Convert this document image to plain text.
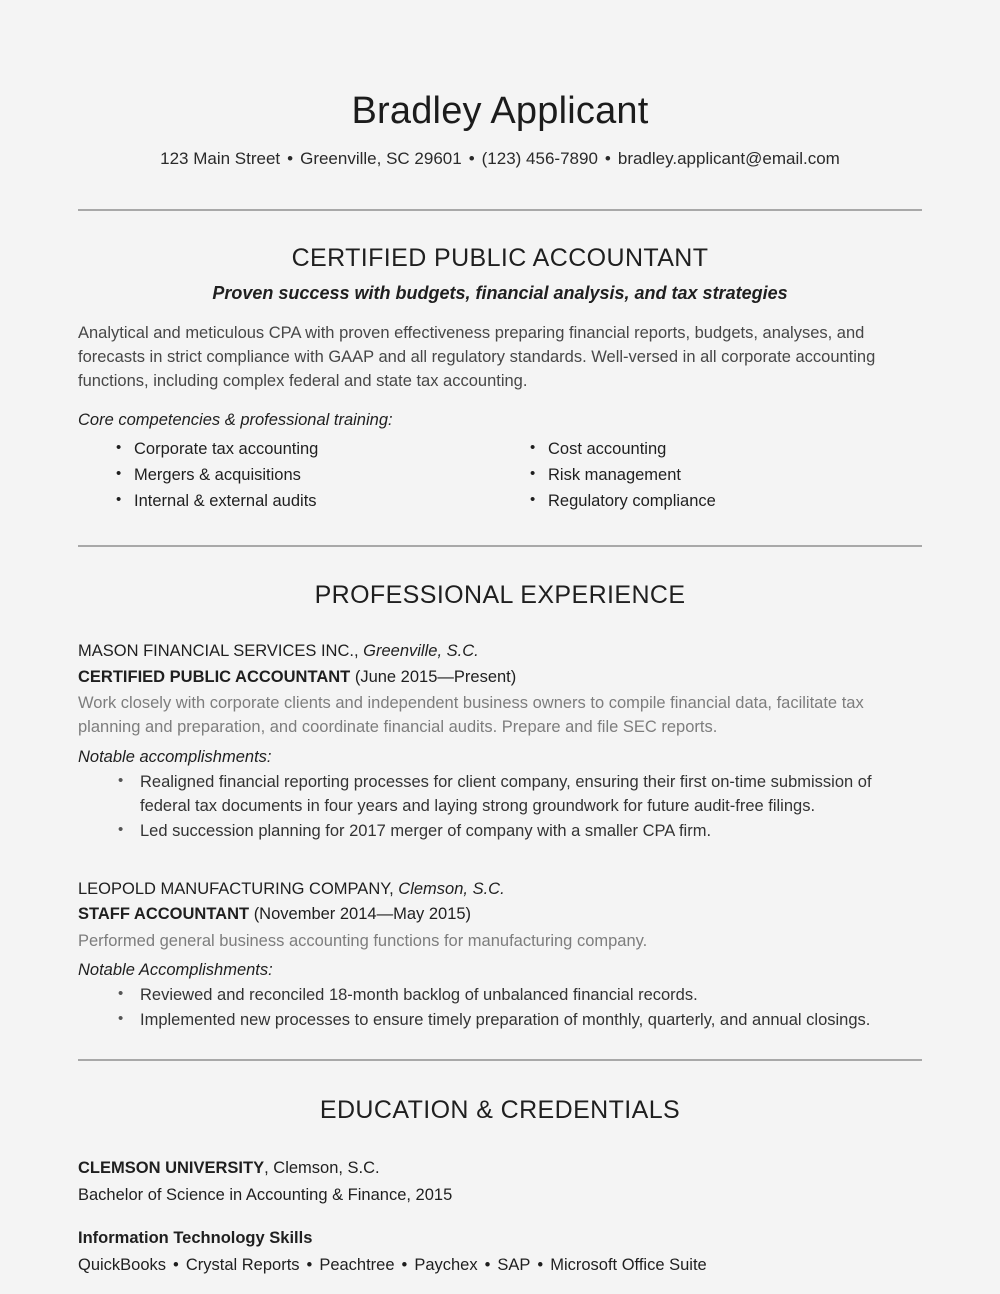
Bradley Applicant

123 Main Street • Greenville, SC 29601 • (123) 456-7890 • bradley.applicant@email.com

CERTIFIED PUBLIC ACCOUNTANT

Proven success with budgets, financial analysis, and tax strategies

Analytical and meticulous CPA with proven effectiveness preparing financial reports, budgets, analyses, and forecasts in strict compliance with GAAP and all regulatory standards. Well-versed in all corporate accounting functions, including complex federal and state tax accounting.

Core competencies & professional training:

• Corporate tax accounting
• Mergers & acquisitions
• Internal & external audits
• Cost accounting
• Risk management
• Regulatory compliance
PROFESSIONAL EXPERIENCE

MASON FINANCIAL SERVICES INC., Greenville, S.C.

CERTIFIED PUBLIC ACCOUNTANT (June 2015—Present)

Work closely with corporate clients and independent business owners to compile financial data, facilitate tax planning and preparation, and coordinate financial audits. Prepare and file SEC reports.

Notable accomplishments:

• Realigned financial reporting processes for client company, ensuring their first on-time submission of federal tax documents in four years and laying strong groundwork for future audit-free filings.
• Led succession planning for 2017 merger of company with a smaller CPA firm.

LEOPOLD MANUFACTURING COMPANY, Clemson, S.C.

STAFF ACCOUNTANT (November 2014—May 2015)

Performed general business accounting functions for manufacturing company.

Notable Accomplishments:

• Reviewed and reconciled 18-month backlog of unbalanced financial records.
• Implemented new processes to ensure timely preparation of monthly, quarterly, and annual closings.
EDUCATION & CREDENTIALS

CLEMSON UNIVERSITY, Clemson, S.C.

Bachelor of Science in Accounting & Finance, 2015

Information Technology Skills

QuickBooks • Crystal Reports • Peachtree • Paychex • SAP • Microsoft Office Suite
